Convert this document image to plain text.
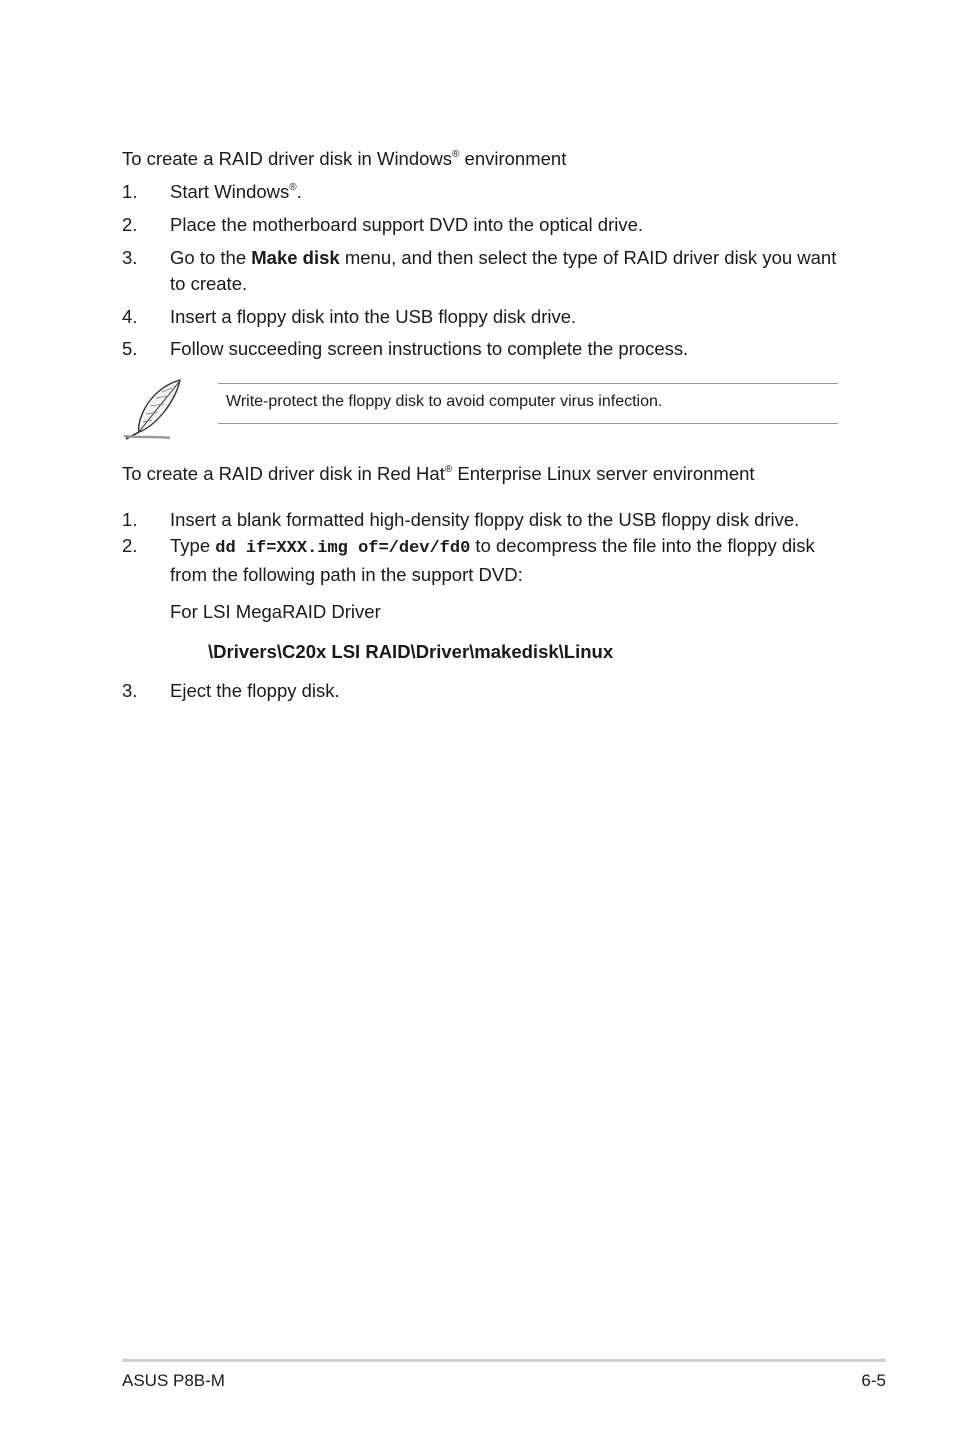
To create a RAID driver disk in Windows® environment
1. Start Windows®.
2. Place the motherboard support DVD into the optical drive.
3. Go to the Make disk menu, and then select the type of RAID driver disk you want to create.
4. Insert a floppy disk into the USB floppy disk drive.
5. Follow succeeding screen instructions to complete the process.
Write-protect the floppy disk to avoid computer virus infection.
To create a RAID driver disk in Red Hat® Enterprise Linux server environment
1. Insert a blank formatted high-density floppy disk to the USB floppy disk drive.
2. Type dd if=XXX.img of=/dev/fd0 to decompress the file into the floppy disk from the following path in the support DVD:
For LSI MegaRAID Driver
\Drivers\C20x LSI RAID\Driver\makedisk\Linux
3. Eject the floppy disk.
ASUS P8B-M	6-5
